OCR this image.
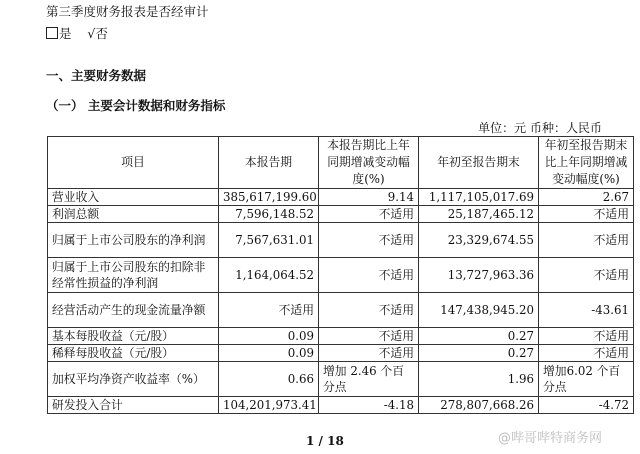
第三季度财务报表是否经审计
是 √否
一、主要财务数据
（一） 主要会计数据和财务指标
单位：元 币种：人民币
项目	本报告期	本报告期比上年同期增减变动幅度(%)	年初至报告期末	年初至报告期末比上年同期增减变动幅度(%)
营业收入	385,617,199.60	9.14	1,117,105,017.69	2.67
利润总额	7,596,148.52	不适用	25,187,465.12	不适用
归属于上市公司股东的净利润	7,567,631.01	不适用	23,329,674.55	不适用
归属于上市公司股东的扣除非经常性损益的净利润	1,164,064.52	不适用	13,727,963.36	不适用
经营活动产生的现金流量净额	不适用	不适用	147,438,945.20	-43.61
基本每股收益（元/股）	0.09	不适用	0.27	不适用
稀释每股收益（元/股）	0.09	不适用	0.27	不适用
加权平均净资产收益率（%）	0.66	增加 2.46 个百分点	1.96	增加6.02 个百分点
研发投入合计	104,201,973.41	-4.18	278,807,668.26	-4.72
1 / 18	@哔哥哔特商务网
